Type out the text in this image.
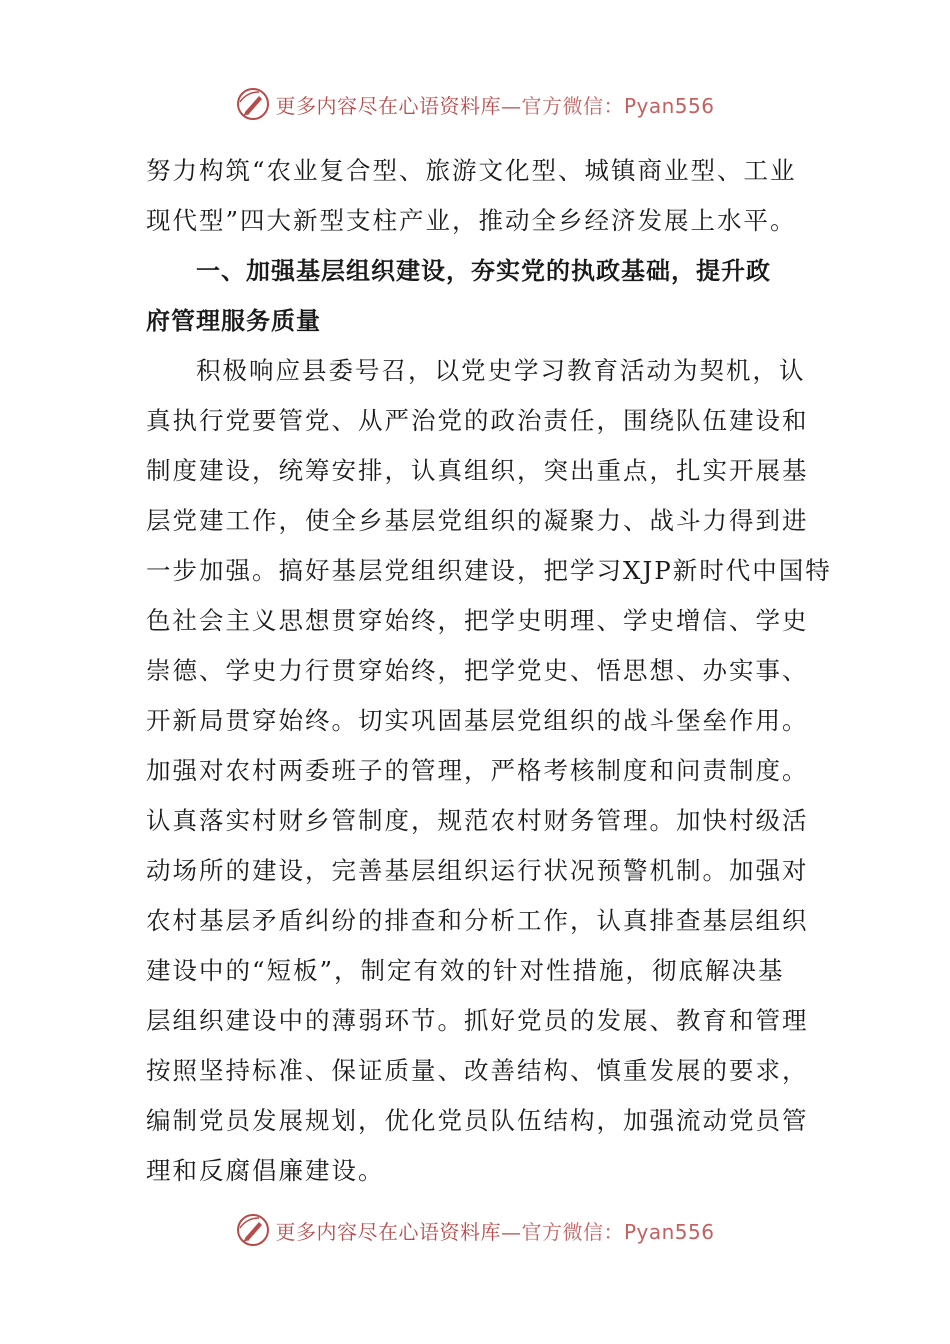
更多内容尽在心语资料库—官方微信：Pyan556
努力构筑“农业复合型、旅游文化型、城镇商业型、工业
现代型”四大新型支柱产业，推动全乡经济发展上水平。
一、加强基层组织建设，夯实党的执政基础，提升政
府管理服务质量
积极响应县委号召，以党史学习教育活动为契机，认
真执行党要管党、从严治党的政治责任，围绕队伍建设和
制度建设，统筹安排，认真组织，突出重点，扎实开展基
层党建工作，使全乡基层党组织的凝聚力、战斗力得到进
一步加强。搞好基层党组织建设，把学习XJP新时代中国特
色社会主义思想贯穿始终，把学史明理、学史增信、学史
崇德、学史力行贯穿始终，把学党史、悟思想、办实事、
开新局贯穿始终。切实巩固基层党组织的战斗堡垒作用。
加强对农村两委班子的管理，严格考核制度和问责制度。
认真落实村财乡管制度，规范农村财务管理。加快村级活
动场所的建设，完善基层组织运行状况预警机制。加强对
农村基层矛盾纠纷的排查和分析工作，认真排查基层组织
建设中的“短板”，制定有效的针对性措施，彻底解决基
层组织建设中的薄弱环节。抓好党员的发展、教育和管理
按照坚持标准、保证质量、改善结构、慎重发展的要求，
编制党员发展规划，优化党员队伍结构，加强流动党员管
理和反腐倡廉建设。
更多内容尽在心语资料库—官方微信：Pyan556
